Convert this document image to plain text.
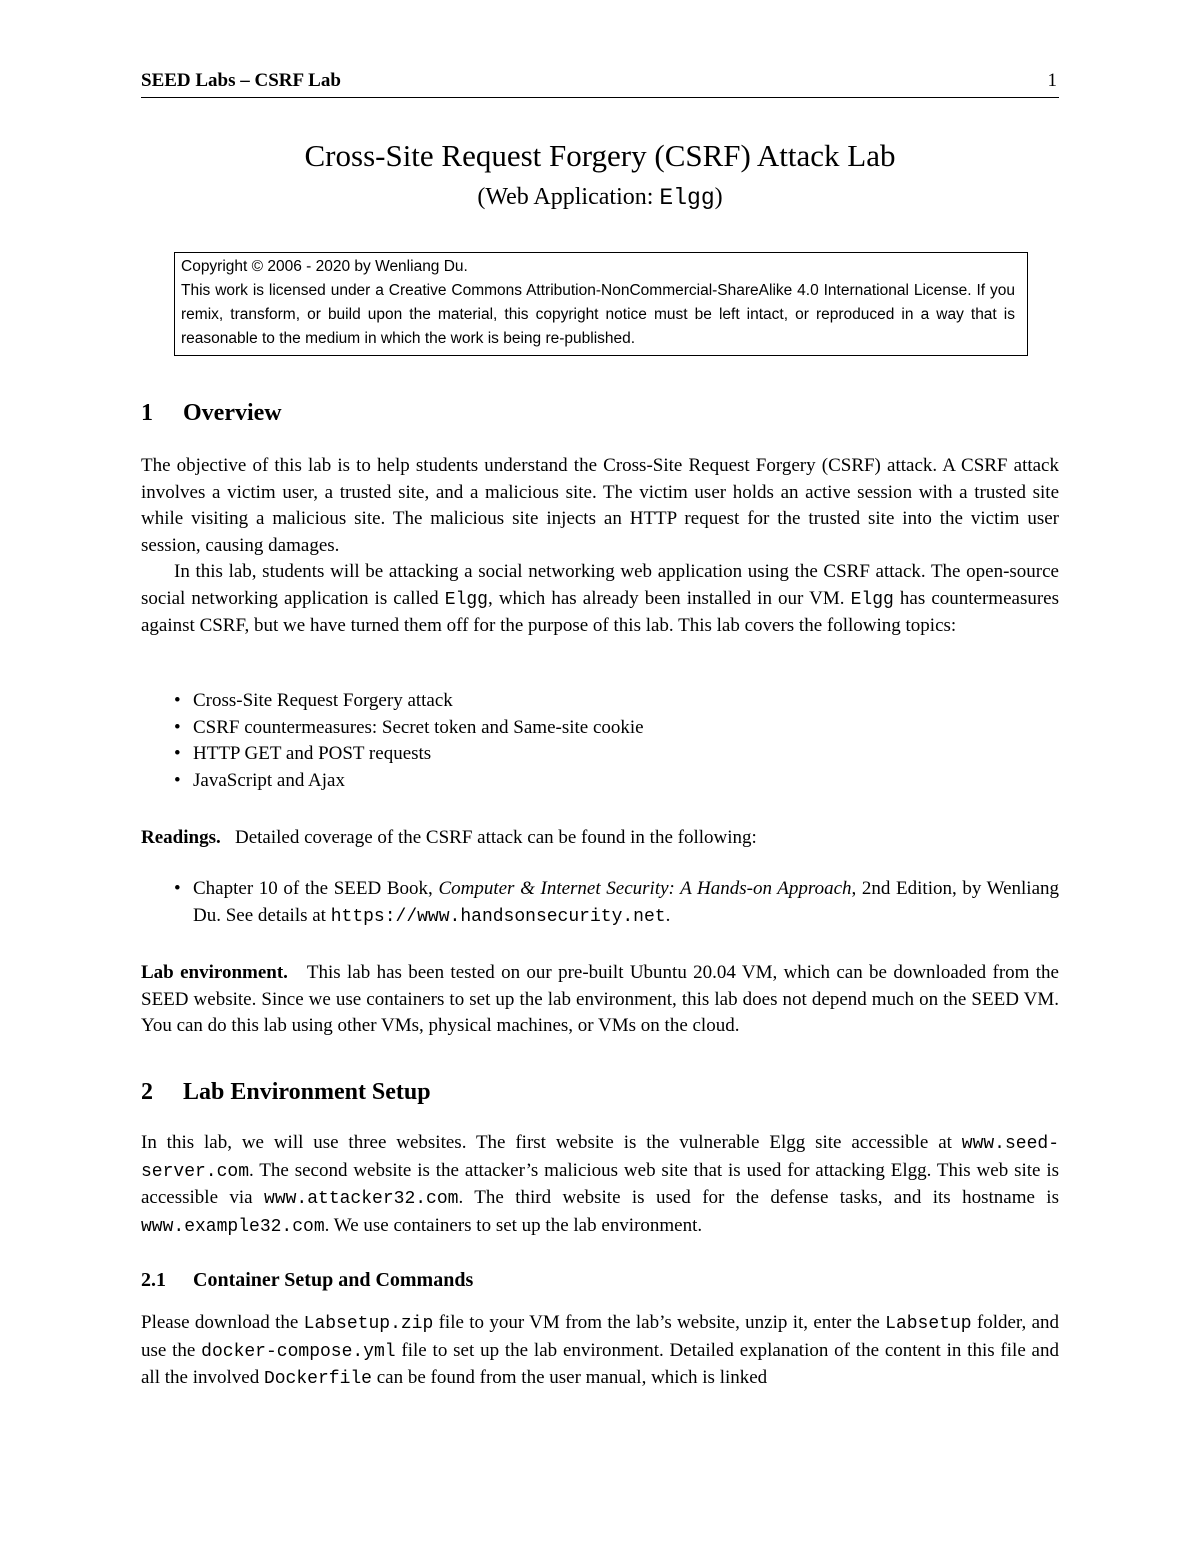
SEED Labs – CSRF Lab	1
Cross-Site Request Forgery (CSRF) Attack Lab
(Web Application: Elgg)

Copyright © 2006 - 2020 by Wenliang Du.

This work is licensed under a Creative Commons Attribution-NonCommercial-ShareAlike 4.0 International License. If you remix, transform, or build upon the material, this copyright notice must be left intact, or reproduced in a way that is reasonable to the medium in which the work is being re-published.

1 Overview

The objective of this lab is to help students understand the Cross-Site Request Forgery (CSRF) attack. A CSRF attack involves a victim user, a trusted site, and a malicious site. The victim user holds an active session with a trusted site while visiting a malicious site. The malicious site injects an HTTP request for the trusted site into the victim user session, causing damages.

In this lab, students will be attacking a social networking web application using the CSRF attack. The open-source social networking application is called Elgg, which has already been installed in our VM. Elgg has countermeasures against CSRF, but we have turned them off for the purpose of this lab. This lab covers the following topics:

• Cross-Site Request Forgery attack
• CSRF countermeasures: Secret token and Same-site cookie
• HTTP GET and POST requests
• JavaScript and Ajax

Readings. Detailed coverage of the CSRF attack can be found in the following:

• Chapter 10 of the SEED Book, Computer & Internet Security: A Hands-on Approach, 2nd Edition, by Wenliang Du. See details at https://www.handsonsecurity.net.

Lab environment. This lab has been tested on our pre-built Ubuntu 20.04 VM, which can be downloaded from the SEED website. Since we use containers to set up the lab environment, this lab does not depend much on the SEED VM. You can do this lab using other VMs, physical machines, or VMs on the cloud.

2 Lab Environment Setup

In this lab, we will use three websites. The first website is the vulnerable Elgg site accessible at www.seed-server.com. The second website is the attacker’s malicious web site that is used for attacking Elgg. This web site is accessible via www.attacker32.com. The third website is used for the defense tasks, and its hostname is www.example32.com. We use containers to set up the lab environment.

2.1 Container Setup and Commands

Please download the Labsetup.zip file to your VM from the lab’s website, unzip it, enter the Labsetup folder, and use the docker-compose.yml file to set up the lab environment. Detailed explanation of the content in this file and all the involved Dockerfile can be found from the user manual, which is linked
